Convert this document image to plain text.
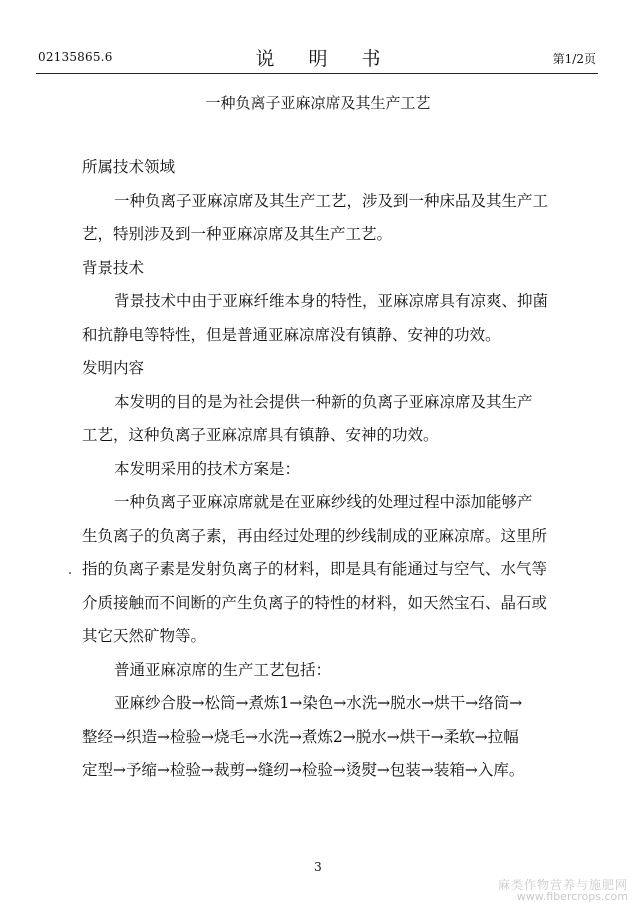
02135865.6	说 明 书	第1/2页
一种负离子亚麻凉席及其生产工艺
所属技术领域
一种负离子亚麻凉席及其生产工艺，涉及到一种床品及其生产工
艺，特别涉及到一种亚麻凉席及其生产工艺。
背景技术
背景技术中由于亚麻纤维本身的特性，亚麻凉席具有凉爽、抑菌
和抗静电等特性，但是普通亚麻凉席没有镇静、安神的功效。
发明内容
本发明的目的是为社会提供一种新的负离子亚麻凉席及其生产
工艺，这种负离子亚麻凉席具有镇静、安神的功效。
本发明采用的技术方案是：
一种负离子亚麻凉席就是在亚麻纱线的处理过程中添加能够产
生负离子的负离子素，再由经过处理的纱线制成的亚麻凉席。这里所
指的负离子素是发射负离子的材料，即是具有能通过与空气、水气等
介质接触而不间断的产生负离子的特性的材料，如天然宝石、晶石或
其它天然矿物等。
普通亚麻凉席的生产工艺包括：
亚麻纱合股→松筒→煮炼1→染色→水洗→脱水→烘干→络筒→
整经→织造→检验→烧毛→水洗→煮炼2→脱水→烘干→柔软→拉幅
定型→予缩→检验→裁剪→缝纫→检验→烫熨→包装→装箱→入库。
3
麻类作物营养与施肥网
www.fibercrops.com
